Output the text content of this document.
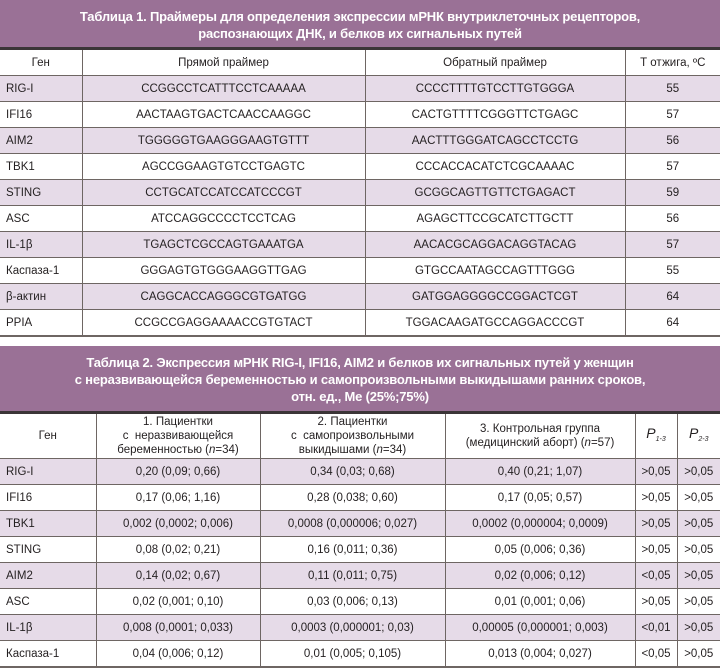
Таблица 1. Праймеры для определения экспрессии мРНК внутриклеточных рецепторов,
распознающих ДНК, и белков их сигнальных путей
Ген	Прямой праймер	Обратный праймер	Т отжига, ºС
RIG-I	CCGGCCTCATTTCCTCAAAAA	CCCCTTTTGTCCTTGTGGGA	55
IFI16	AACTAAGTGACTCAACCAAGGC	CACTGTTTTCGGGTTCTGAGC	57
AIM2	TGGGGGTGAAGGGAAGTGTTT	AACTTTGGGATCAGCCTCCTG	56
TBK1	AGCCGGAAGTGTCCTGAGTC	CCCACCACATCTCGCAAAAC	57
STING	CCTGCATCCATCCATCCCGT	GCGGCAGTTGTTCTGAGACT	59
ASC	ATCCAGGCCCCTCCTCAG	AGAGCTTCCGCATCTTGCTT	56
IL-1β	TGAGCTCGCCAGTGAAATGA	AACACGCAGGACAGGTACAG	57
Каспаза-1	GGGAGTGTGGGAAGGTTGAG	GTGCCAATAGCCAGTTTGGG	55
β-актин	CAGGCACCAGGGCGTGATGG	GATGGAGGGGCCGGACTCGT	64
PPIA	CCGCCGAGGAAAACCGTGTACT	TGGACAAGATGCCAGGACCCGT	64
Таблица 2. Экспрессия мРНК RIG-I, IFI16, AIM2 и белков их сигнальных путей у женщин
с неразвивающейся беременностью и самопроизвольными выкидышами ранних сроков,
отн. ед., Me (25%;75%)
Ген	1. Пациентки
с  неразвивающейся
беременностью (n=34)	2. Пациентки
с  самопроизвольными
выкидышами (n=34)	3. Контрольная группа
(медицинский аборт) (n=57)	$P_{1-3}$	$P_{2-3}$
RIG-I	0,20 (0,09; 0,66)	0,34 (0,03; 0,68)	0,40 (0,21; 1,07)	>0,05	>0,05
IFI16	0,17 (0,06; 1,16)	0,28 (0,038; 0,60)	0,17 (0,05; 0,57)	>0,05	>0,05
TBK1	0,002 (0,0002; 0,006)	0,0008 (0,000006; 0,027)	0,0002 (0,000004; 0,0009)	>0,05	>0,05
STING	0,08 (0,02; 0,21)	0,16 (0,011; 0,36)	0,05 (0,006; 0,36)	>0,05	>0,05
AIM2	0,14 (0,02; 0,67)	0,11 (0,011; 0,75)	0,02 (0,006; 0,12)	<0,05	>0,05
ASC	0,02 (0,001; 0,10)	0,03 (0,006; 0,13)	0,01 (0,001; 0,06)	>0,05	>0,05
IL-1β	0,008 (0,0001; 0,033)	0,0003 (0,000001; 0,03)	0,00005 (0,000001; 0,003)	<0,01	>0,05
Каспаза-1	0,04 (0,006; 0,12)	0,01 (0,005; 0,105)	0,013 (0,004; 0,027)	<0,05	>0,05
